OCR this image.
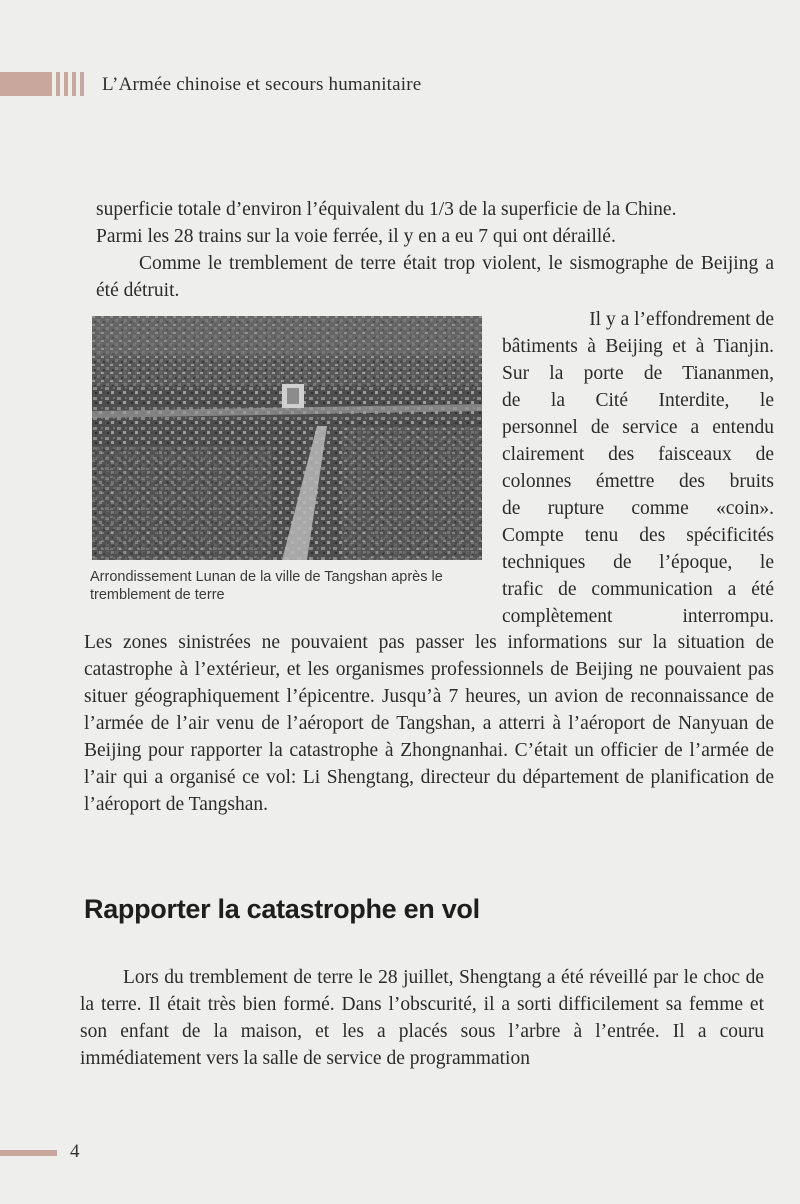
L’Armée chinoise et secours humanitaire
superficie totale d’environ l’équivalent du 1/3 de la superficie de la Chine.
Parmi les 28 trains sur la voie ferrée, il y en a eu 7 qui ont déraillé.
Comme le tremblement de terre était trop violent, le sismographe de Beijing a été détruit.
Arrondissement Lunan de la ville de Tangshan après le tremblement de terre
Il y a l’effondrement de
bâtiments à Beijing et à Tianjin.
Sur la porte de Tiananmen,
de la Cité Interdite, le
personnel de service a entendu
clairement des faisceaux de
colonnes émettre des bruits
de rupture comme «coin».
Compte tenu des spécificités
techniques de l’époque, le
trafic de communication a été
complètement interrompu.
Les zones sinistrées ne pouvaient pas passer les informations sur la situation de catastrophe à l’extérieur, et les organismes professionnels de Beijing ne pouvaient pas situer géographiquement l’épicentre. Jusqu’à 7 heures, un avion de reconnaissance de l’armée de l’air venu de l’aéroport de Tangshan, a atterri à l’aéroport de Nanyuan de Beijing pour rapporter la catastrophe à Zhongnanhai. C’était un officier de l’armée de l’air qui a organisé ce vol: Li Shengtang, directeur du département de planification de l’aéroport de Tangshan.
Rapporter la catastrophe en vol
Lors du tremblement de terre le 28 juillet, Shengtang a été réveillé par le choc de la terre. Il était très bien formé. Dans l’obscurité, il a sorti difficilement sa femme et son enfant de la maison, et les a placés sous l’arbre à l’entrée. Il a couru immédiatement vers la salle de service de programmation
4
